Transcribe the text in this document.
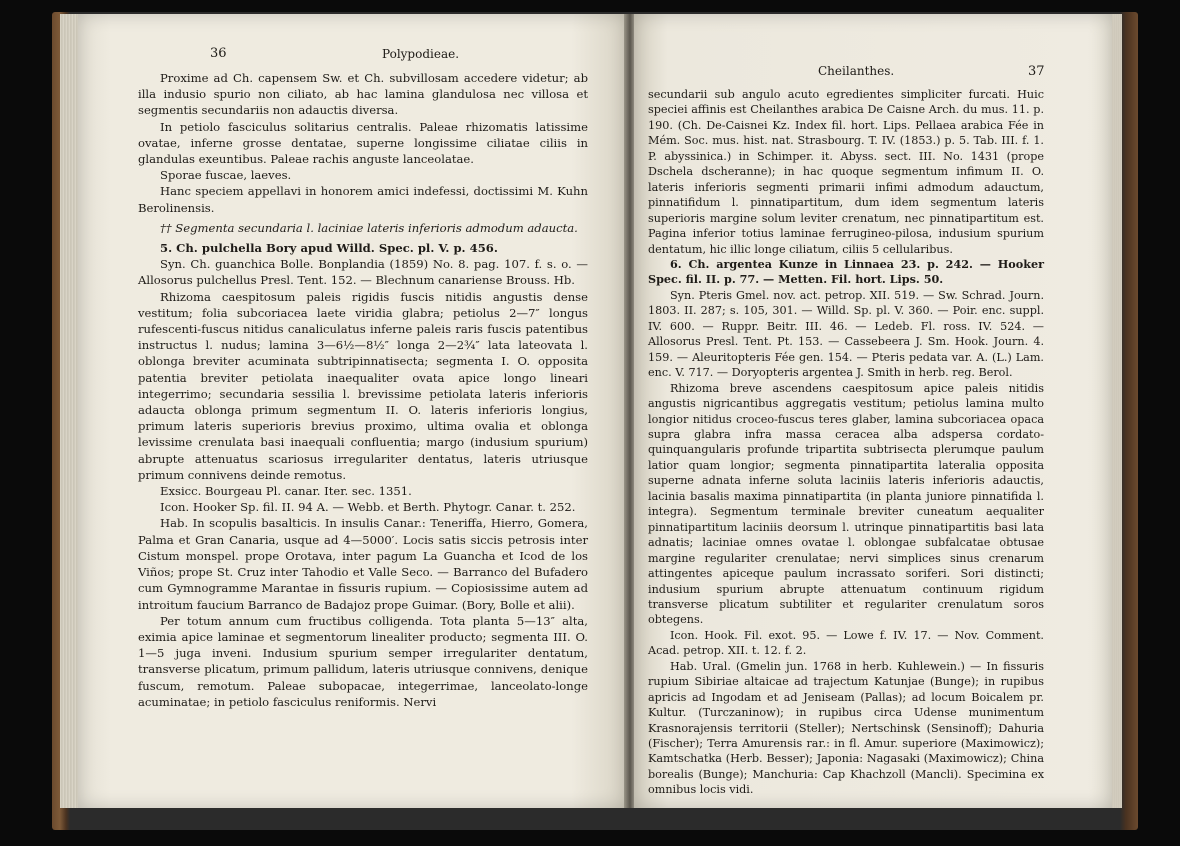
36	Polypodieae.
Cheilanthes.	37

Proxime ad Ch. capensem Sw. et Ch. subvillosam accedere videtur; ab illa indusio spurio non ciliato, ab hac lamina glandulosa nec villosa et segmentis secundariis non adauctis diversa.

In petiolo fasciculus solitarius centralis. Paleae rhizomatis latissime ovatae, inferne grosse dentatae, superne longissime ciliatae ciliis in glandulas exeuntibus. Paleae rachis anguste lanceolatae.

Sporae fuscae, laeves.

Hanc speciem appellavi in honorem amici indefessi, doctissimi M. Kuhn Berolinensis.

†† Segmenta secundaria l. laciniae lateris inferioris admodum adaucta.

5. Ch. pulchella Bory apud Willd. Spec. pl. V. p. 456.

Syn. Ch. guanchica Bolle. Bonplandia (1859) No. 8. pag. 107. f. s. o. — Allosorus pulchellus Presl. Tent. 152. — Blechnum canariense Brouss. Hb.

Rhizoma caespitosum paleis rigidis fuscis nitidis angustis dense vestitum; folia subcoriacea laete viridia glabra; petiolus 2—7″ longus rufescenti-fuscus nitidus canaliculatus inferne paleis raris fuscis patentibus instructus l. nudus; lamina 3—6½—8½″ longa 2—2¾″ lata lateovata l. oblonga breviter acuminata subtripinnatisecta; segmenta I. O. opposita patentia breviter petiolata inaequaliter ovata apice longo lineari integerrimo; secundaria sessilia l. brevissime petiolata lateris inferioris adaucta oblonga primum segmentum II. O. lateris inferioris longius, primum lateris superioris brevius proximo, ultima ovalia et oblonga levissime crenulata basi inaequali confluentia; margo (indusium spurium) abrupte attenuatus scariosus irregulariter dentatus, lateris utriusque primum connivens deinde remotus.

Exsicc. Bourgeau Pl. canar. Iter. sec. 1351.

Icon. Hooker Sp. fil. II. 94 A. — Webb. et Berth. Phytogr. Canar. t. 252.

Hab. In scopulis basalticis. In insulis Canar.: Teneriffa, Hierro, Gomera, Palma et Gran Canaria, usque ad 4—5000′. Locis satis siccis petrosis inter Cistum monspel. prope Orotava, inter pagum La Guancha et Icod de los Viños; prope St. Cruz inter Tahodio et Valle Seco. — Barranco del Bufadero cum Gymnogramme Marantae in fissuris rupium. — Copiosissime autem ad introitum faucium Barranco de Badajoz prope Guimar. (Bory, Bolle et alii).

Per totum annum cum fructibus colligenda. Tota planta 5—13″ alta, eximia apice laminae et segmentorum linealiter producto; segmenta III. O. 1—5 juga inveni. Indusium spurium semper irregulariter dentatum, transverse plicatum, primum pallidum, lateris utriusque connivens, denique fuscum, remotum. Paleae subopacae, integerrimae, lanceolato-longe acuminatae; in petiolo fasciculus reniformis. Nervi

secundarii sub angulo acuto egredientes simpliciter furcati. Huic speciei affinis est Cheilanthes arabica De Caisne Arch. du mus. 11. p. 190. (Ch. De-Caisnei Kz. Index fil. hort. Lips. Pellaea arabica Fée in Mém. Soc. mus. hist. nat. Strasbourg. T. IV. (1853.) p. 5. Tab. III. f. 1. P. abyssinica.) in Schimper. it. Abyss. sect. III. No. 1431 (prope Dschela dscheranne); in hac quoque segmentum infimum II. O. lateris inferioris segmenti primarii infimi admodum adauctum, pinnatifidum l. pinnatipartitum, dum idem segmentum lateris superioris margine solum leviter crenatum, nec pinnatipartitum est. Pagina inferior totius laminae ferrugineo-pilosa, indusium spurium dentatum, hic illic longe ciliatum, ciliis 5 cellularibus.

6. Ch. argentea Kunze in Linnaea 23. p. 242. — Hooker Spec. fil. II. p. 77. — Metten. Fil. hort. Lips. 50.

Syn. Pteris Gmel. nov. act. petrop. XII. 519. — Sw. Schrad. Journ. 1803. II. 287; s. 105, 301. — Willd. Sp. pl. V. 360. — Poir. enc. suppl. IV. 600. — Ruppr. Beitr. III. 46. — Ledeb. Fl. ross. IV. 524. — Allosorus Presl. Tent. Pt. 153. — Cassebeera J. Sm. Hook. Journ. 4. 159. — Aleuritopteris Fée gen. 154. — Pteris pedata var. A. (L.) Lam. enc. V. 717. — Doryopteris argentea J. Smith in herb. reg. Berol.

Rhizoma breve ascendens caespitosum apice paleis nitidis angustis nigricantibus aggregatis vestitum; petiolus lamina multo longior nitidus croceo-fuscus teres glaber, lamina subcoriacea opaca supra glabra infra massa ceracea alba adspersa cordato-quinquangularis profunde tripartita subtrisecta plerumque paulum latior quam longior; segmenta pinnatipartita lateralia opposita superne adnata inferne soluta laciniis lateris inferioris adauctis, lacinia basalis maxima pinnatipartita (in planta juniore pinnatifida l. integra). Segmentum terminale breviter cuneatum aequaliter pinnatipartitum laciniis deorsum l. utrinque pinnatipartitis basi lata adnatis; laciniae omnes ovatae l. oblongae subfalcatae obtusae margine regulariter crenulatae; nervi simplices sinus crenarum attingentes apiceque paulum incrassato soriferi. Sori distincti; indusium spurium abrupte attenuatum continuum rigidum transverse plicatum subtiliter et regulariter crenulatum soros obtegens.

Icon. Hook. Fil. exot. 95. — Lowe f. IV. 17. — Nov. Comment. Acad. petrop. XII. t. 12. f. 2.

Hab. Ural. (Gmelin jun. 1768 in herb. Kuhlewein.) — In fissuris rupium Sibiriae altaicae ad trajectum Katunjae (Bunge); in rupibus apricis ad Ingodam et ad Jeniseam (Pallas); ad locum Boicalem pr. Kultur. (Turczaninow); in rupibus circa Udense munimentum Krasnorajensis territorii (Steller); Nertschinsk (Sensinoff); Dahuria (Fischer); Terra Amurensis rar.: in fl. Amur. superiore (Maximowicz); Kamtschatka (Herb. Besser); Japonia: Nagasaki (Maximowicz); China borealis (Bunge); Manchuria: Cap Khachzoll (Mancli). Specimina ex omnibus locis vidi.
